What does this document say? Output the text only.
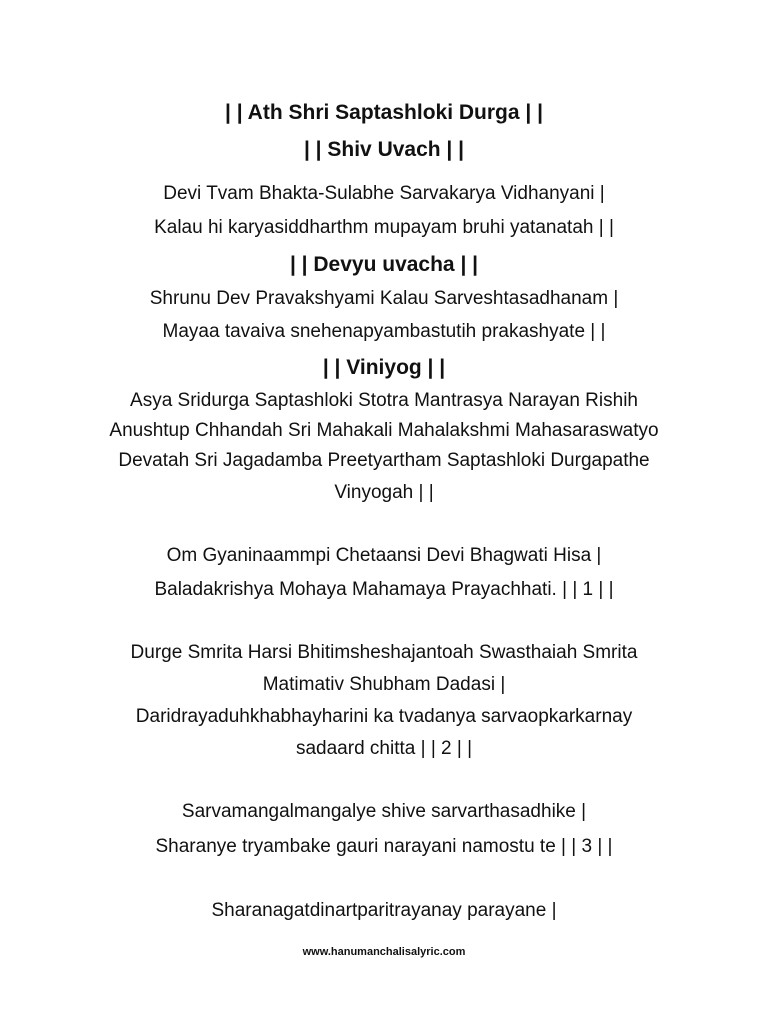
| | Ath Shri Saptashloki Durga | |
| | Shiv Uvach | |
Devi Tvam Bhakta-Sulabhe Sarvakarya Vidhanyani |
Kalau hi karyasiddharthm mupayam bruhi yatanatah | |
| | Devyu uvacha | |
Shrunu Dev Pravakshyami Kalau Sarveshtasadhanam |
Mayaa tavaiva snehenapyambastutih prakashyate | |
| | Viniyog | |
Asya Sridurga Saptashloki Stotra Mantrasya Narayan Rishih
Anushtup Chhandah Sri Mahakali Mahalakshmi Mahasaraswatyo
Devatah Sri Jagadamba Preetyartham Saptashloki Durgapathe
Vinyogah | |
Om Gyaninaammpi Chetaansi Devi Bhagwati Hisa |
Baladakrishya Mohaya Mahamaya Prayachhati. | | 1 | |
Durge Smrita Harsi Bhitimsheshajantoah Swasthaiah Smrita
Matimativ Shubham Dadasi |
Daridrayaduhkhabhayharini ka tvadanya sarvaopkarkarnay
sadaard chitta | | 2 | |
Sarvamangalmangalye shive sarvarthasadhike |
Sharanye tryambake gauri narayani namostu te | | 3 | |
Sharanagatdinartparitrayanay parayane |
www.hanumanchalisalyric.com
